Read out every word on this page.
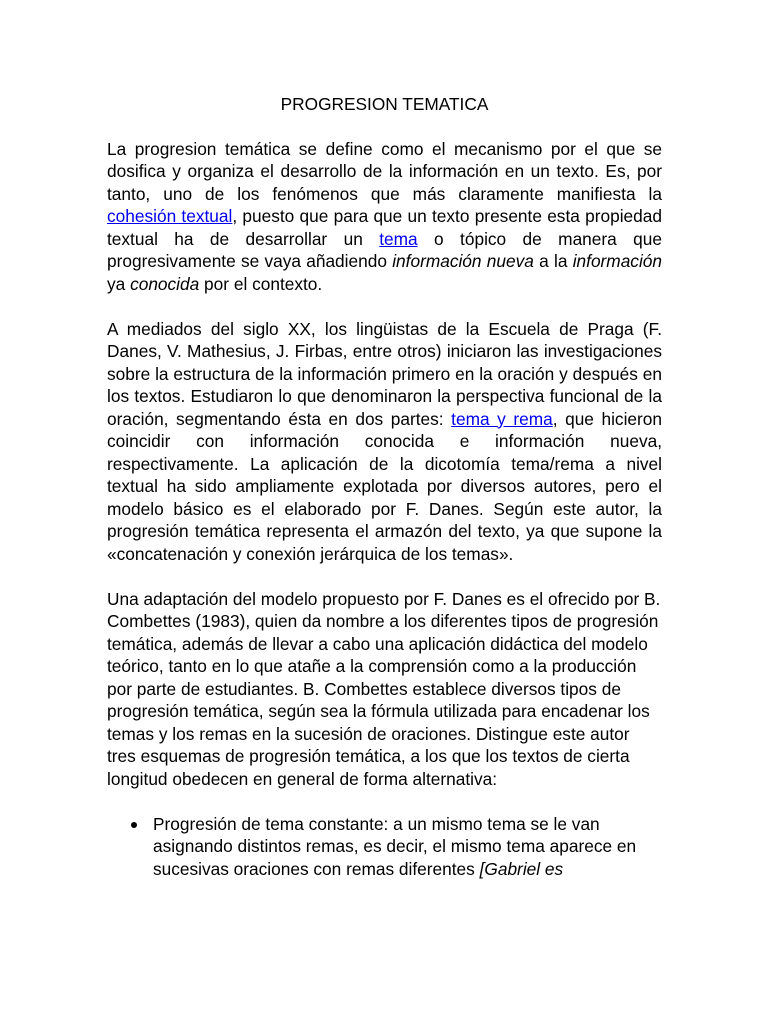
PROGRESION TEMATICA

La progresion temática se define como el mecanismo por el que se dosifica y organiza el desarrollo de la información en un texto. Es, por tanto, uno de los fenómenos que más claramente manifiesta la cohesión textual, puesto que para que un texto presente esta propiedad textual ha de desarrollar un tema o tópico de manera que progresivamente se vaya añadiendo información nueva a la información ya conocida por el contexto.

A mediados del siglo XX, los lingüistas de la Escuela de Praga (F. Danes, V. Mathesius, J. Firbas, entre otros) iniciaron las investigaciones sobre la estructura de la información primero en la oración y después en los textos. Estudiaron lo que denominaron la perspectiva funcional de la oración, segmentando ésta en dos partes: tema y rema, que hicieron coincidir con información conocida e información nueva, respectivamente. La aplicación de la dicotomía tema/rema a nivel textual ha sido ampliamente explotada por diversos autores, pero el modelo básico es el elaborado por F. Danes. Según este autor, la progresión temática representa el armazón del texto, ya que supone la «concatenación y conexión jerárquica de los temas».

Una adaptación del modelo propuesto por F. Danes es el ofrecido por B. Combettes (1983), quien da nombre a los diferentes tipos de progresión temática, además de llevar a cabo una aplicación didáctica del modelo teórico, tanto en lo que atañe a la comprensión como a la producción por parte de estudiantes. B. Combettes establece diversos tipos de progresión temática, según sea la fórmula utilizada para encadenar los temas y los remas en la sucesión de oraciones. Distingue este autor tres esquemas de progresión temática, a los que los textos de cierta longitud obedecen en general de forma alternativa:

Progresión de tema constante: a un mismo tema se le van asignando distintos remas, es decir, el mismo tema aparece en sucesivas oraciones con remas diferentes [Gabriel es
